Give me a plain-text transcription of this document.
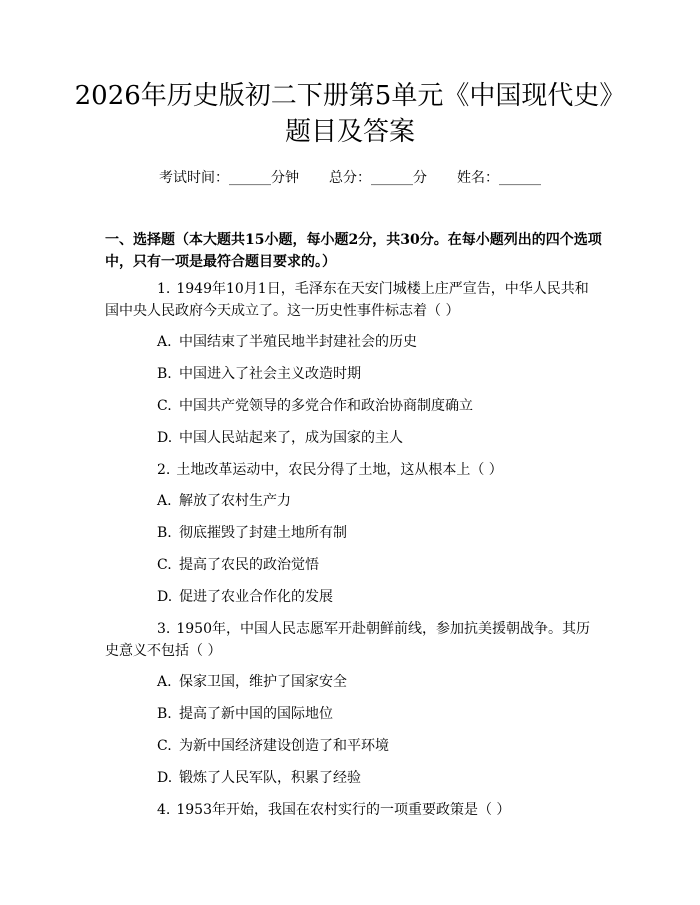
2026年历史版初二下册第5单元《中国现代史》题目及答案
考试时间：______分钟 总分：______分 姓名：______

一、选择题（本大题共15小题，每小题2分，共30分。在每小题列出的四个选项中，只有一项是最符合题目要求的。）

1. 1949年10月1日，毛泽东在天安门城楼上庄严宣告，中华人民共和国中央人民政府今天成立了。这一历史性事件标志着（ ）

A. 中国结束了半殖民地半封建社会的历史

B. 中国进入了社会主义改造时期

C. 中国共产党领导的多党合作和政治协商制度确立

D. 中国人民站起来了，成为国家的主人

2. 土地改革运动中，农民分得了土地，这从根本上（ ）

A. 解放了农村生产力

B. 彻底摧毁了封建土地所有制

C. 提高了农民的政治觉悟

D. 促进了农业合作化的发展

3. 1950年，中国人民志愿军开赴朝鲜前线，参加抗美援朝战争。其历史意义不包括（ ）

A. 保家卫国，维护了国家安全

B. 提高了新中国的国际地位

C. 为新中国经济建设创造了和平环境

D. 锻炼了人民军队，积累了经验

4. 1953年开始，我国在农村实行的一项重要政策是（ ）
